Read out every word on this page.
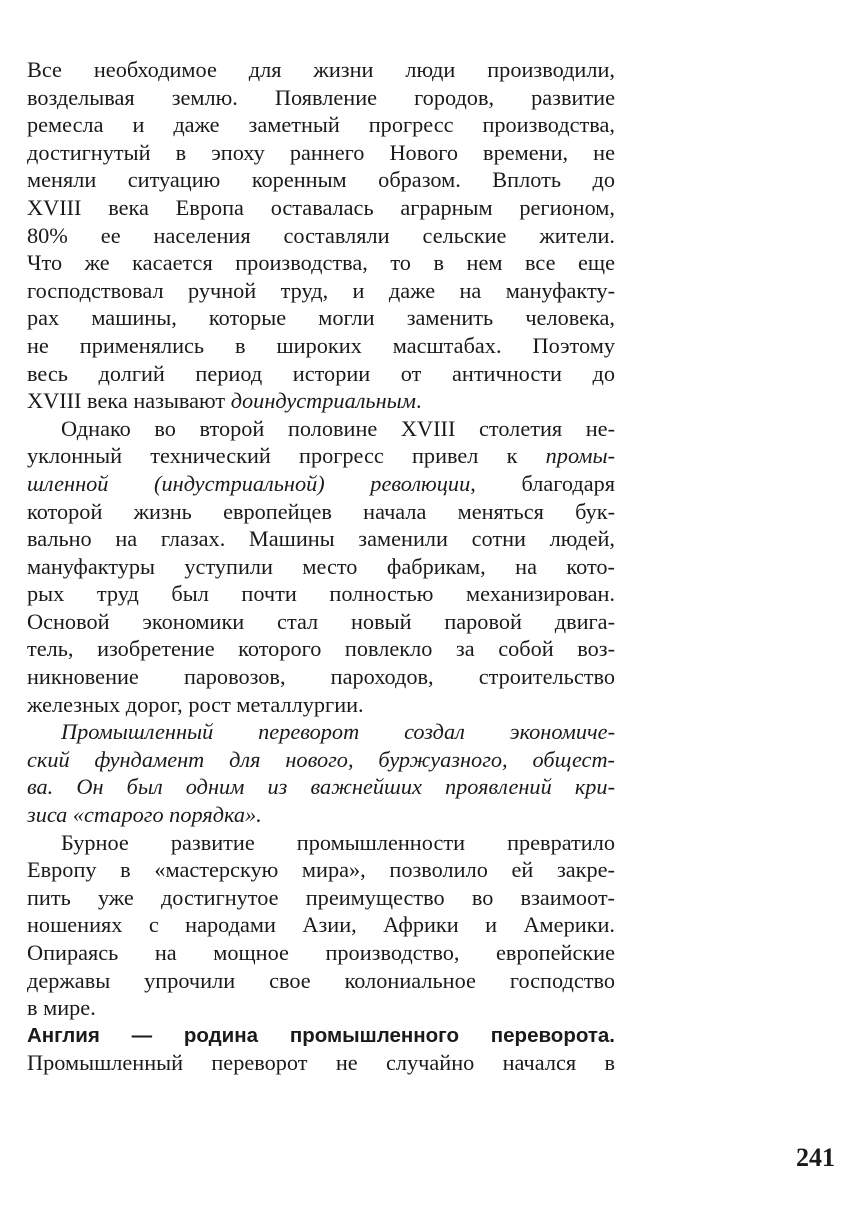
Все необходимое для жизни люди производили,
возделывая землю. Появление городов, развитие
ремесла и даже заметный прогресс производства,
достигнутый в эпоху раннего Нового времени, не
меняли ситуацию коренным образом. Вплоть до
XVIII века Европа оставалась аграрным регионом,
80% ее населения составляли сельские жители.
Что же касается производства, то в нем все еще
господствовал ручной труд, и даже на мануфакту-
рах машины, которые могли заменить человека,
не применялись в широких масштабах. Поэтому
весь долгий период истории от античности до
XVIII века называют доиндустриальным.
Однако во второй половине XVIII столетия не-
уклонный технический прогресс привел к промы-
шленной (индустриальной) революции, благодаря
которой жизнь европейцев начала меняться бук-
вально на глазах. Машины заменили сотни людей,
мануфактуры уступили место фабрикам, на кото-
рых труд был почти полностью механизирован.
Основой экономики стал новый паровой двига-
тель, изобретение которого повлекло за собой воз-
никновение паровозов, пароходов, строительство
железных дорог, рост металлургии.
Промышленный переворот создал экономиче-
ский фундамент для нового, буржуазного, общест-
ва. Он был одним из важнейших проявлений кри-
зиса «старого порядка».
Бурное развитие промышленности превратило
Европу в «мастерскую мира», позволило ей закре-
пить уже достигнутое преимущество во взаимоот-
ношениях с народами Азии, Африки и Америки.
Опираясь на мощное производство, европейские
державы упрочили свое колониальное господство
в мире.
Англия — родина промышленного переворота.
Промышленный переворот не случайно начался в
241
